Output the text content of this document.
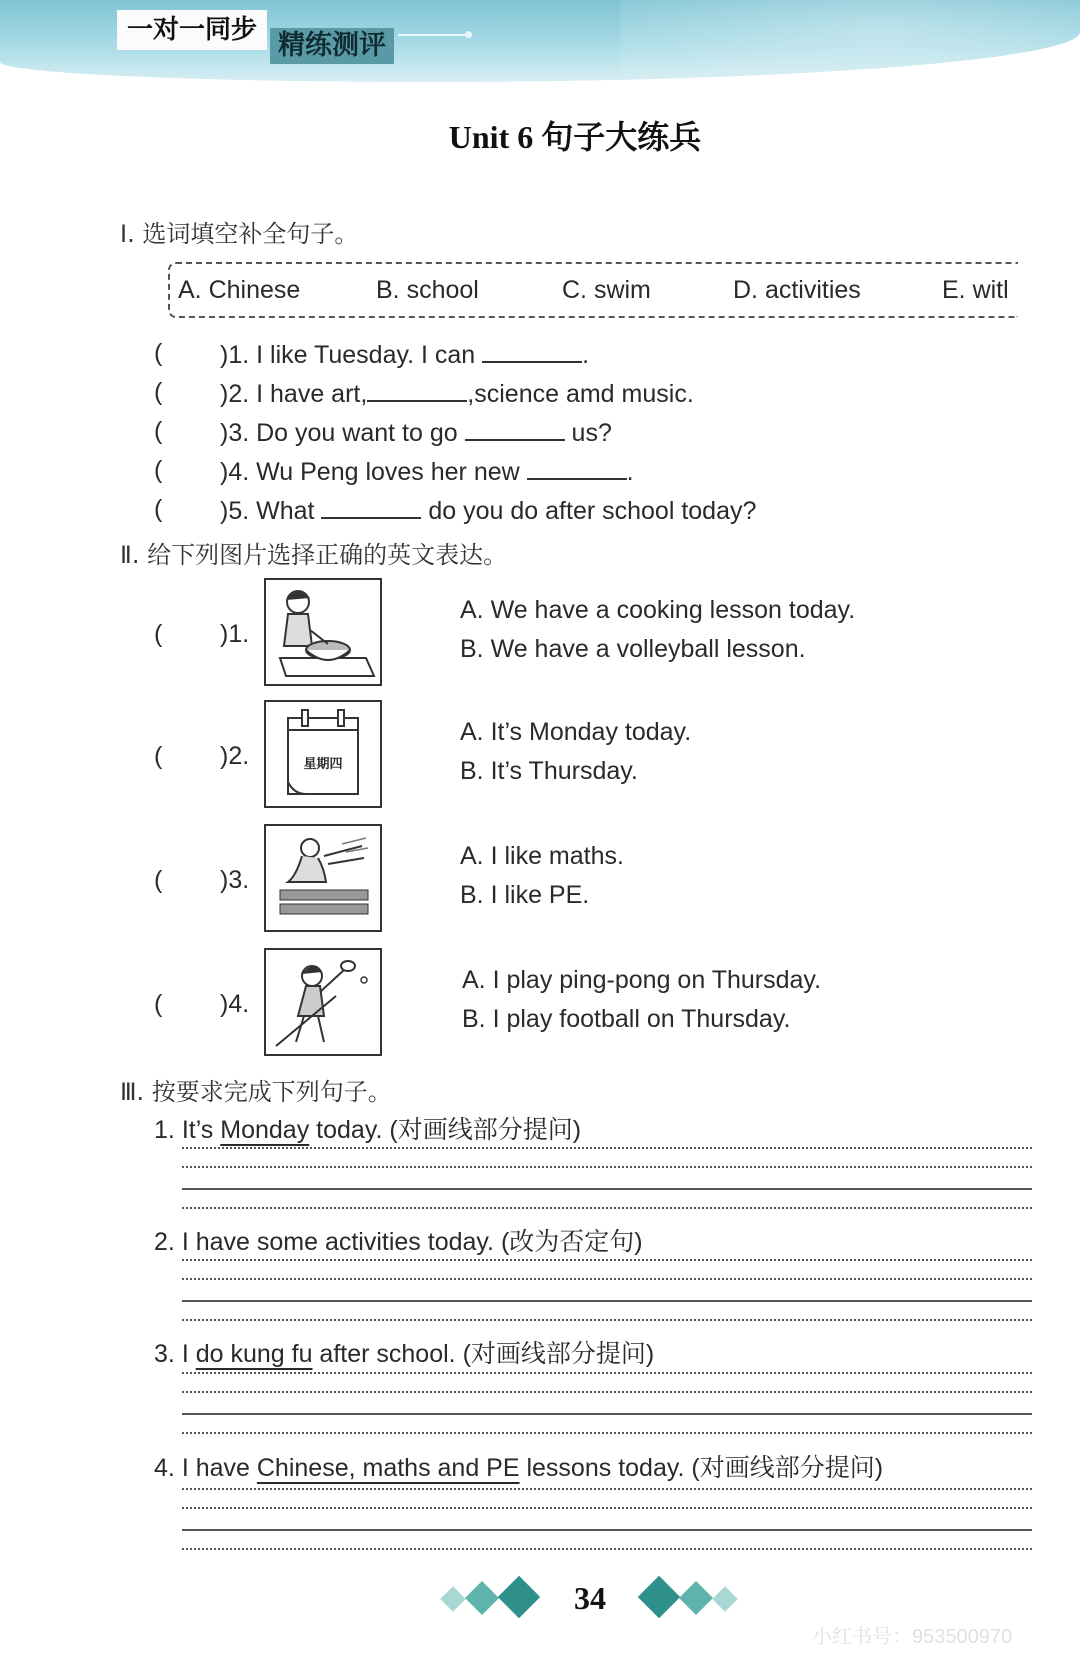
一对一同步 精练测评
Unit 6 句子大练兵
Ⅰ. 选词填空补全句子。
A. Chinese	B. school	C. swim	D. activities	E. witl
( )1. I like Tuesday. I can	.
( )2. I have art,	,science amd music.
( )3. Do you want to go	us?
( )4. Wu Peng loves her new	.
( )5. What	do you do after school today?
Ⅱ. 给下列图片选择正确的英文表达。
( )1.
A. We have a cooking lesson today.
B. We have a volleyball lesson.
( )2.	星期四
A. It’s Monday today.
B. It’s Thursday.
( )3.
A. I like maths.
B. I like PE.
( )4.
A. I play ping-pong on Thursday.
B. I play football on Thursday.
Ⅲ. 按要求完成下列句子。
1. It’s Monday today. (对画线部分提问)
2. I have some activities today. (改为否定句)
3. I do kung fu after school. (对画线部分提问)
4. I have Chinese, maths and PE lessons today. (对画线部分提问)
34
小红书号：953500970
